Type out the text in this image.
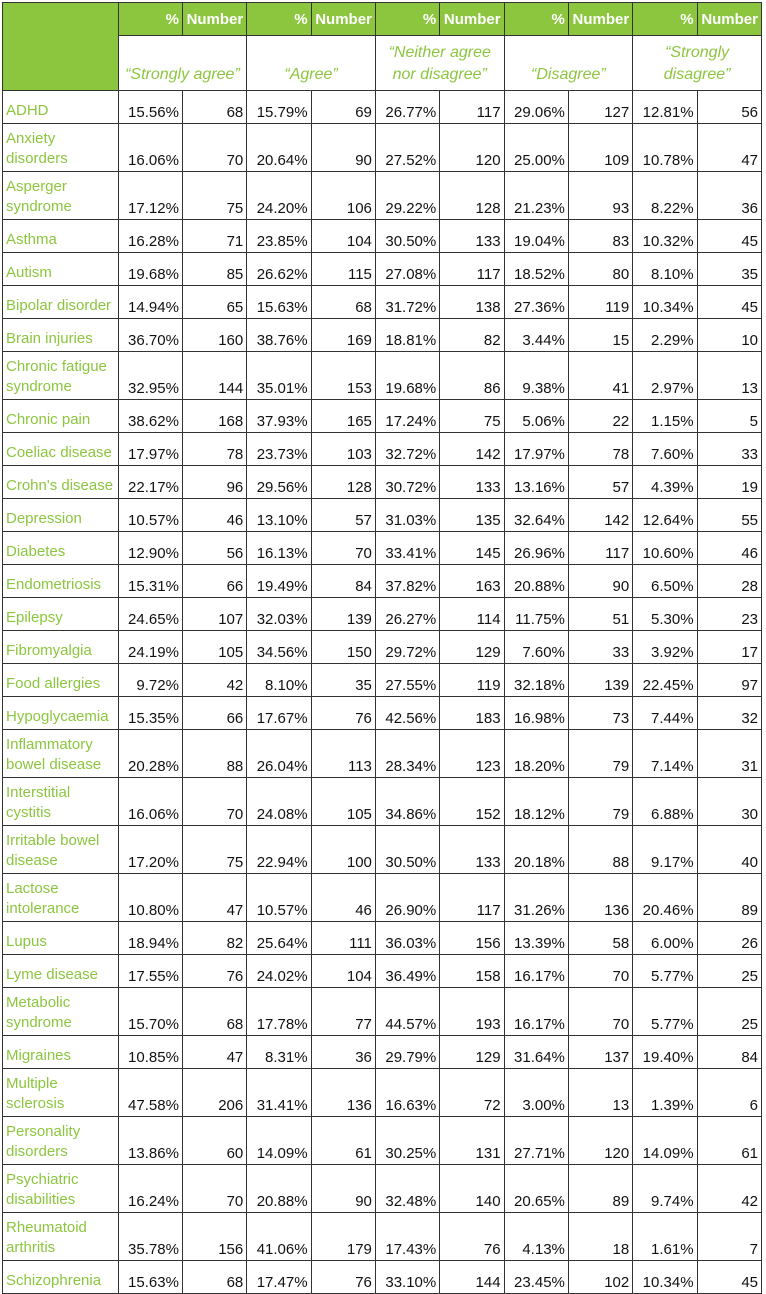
	%	Number	%	Number	%	Number	%	Number	%	Number
	“Strongly agree”		“Agree”		“Neither agree nor disagree”		“Disagree”		“Strongly disagree”	
ADHD	15.56%	68	15.79%	69	26.77%	117	29.06%	127	12.81%	56
Anxiety disorders	16.06%	70	20.64%	90	27.52%	120	25.00%	109	10.78%	47
Asperger syndrome	17.12%	75	24.20%	106	29.22%	128	21.23%	93	8.22%	36
Asthma	16.28%	71	23.85%	104	30.50%	133	19.04%	83	10.32%	45
Autism	19.68%	85	26.62%	115	27.08%	117	18.52%	80	8.10%	35
Bipolar disorder	14.94%	65	15.63%	68	31.72%	138	27.36%	119	10.34%	45
Brain injuries	36.70%	160	38.76%	169	18.81%	82	3.44%	15	2.29%	10
Chronic fatigue syndrome	32.95%	144	35.01%	153	19.68%	86	9.38%	41	2.97%	13
Chronic pain	38.62%	168	37.93%	165	17.24%	75	5.06%	22	1.15%	5
Coeliac disease	17.97%	78	23.73%	103	32.72%	142	17.97%	78	7.60%	33
Crohn's disease	22.17%	96	29.56%	128	30.72%	133	13.16%	57	4.39%	19
Depression	10.57%	46	13.10%	57	31.03%	135	32.64%	142	12.64%	55
Diabetes	12.90%	56	16.13%	70	33.41%	145	26.96%	117	10.60%	46
Endometriosis	15.31%	66	19.49%	84	37.82%	163	20.88%	90	6.50%	28
Epilepsy	24.65%	107	32.03%	139	26.27%	114	11.75%	51	5.30%	23
Fibromyalgia	24.19%	105	34.56%	150	29.72%	129	7.60%	33	3.92%	17
Food allergies	9.72%	42	8.10%	35	27.55%	119	32.18%	139	22.45%	97
Hypoglycaemia	15.35%	66	17.67%	76	42.56%	183	16.98%	73	7.44%	32
Inflammatory bowel disease	20.28%	88	26.04%	113	28.34%	123	18.20%	79	7.14%	31
Interstitial cystitis	16.06%	70	24.08%	105	34.86%	152	18.12%	79	6.88%	30
Irritable bowel disease	17.20%	75	22.94%	100	30.50%	133	20.18%	88	9.17%	40
Lactose intolerance	10.80%	47	10.57%	46	26.90%	117	31.26%	136	20.46%	89
Lupus	18.94%	82	25.64%	111	36.03%	156	13.39%	58	6.00%	26
Lyme disease	17.55%	76	24.02%	104	36.49%	158	16.17%	70	5.77%	25
Metabolic syndrome	15.70%	68	17.78%	77	44.57%	193	16.17%	70	5.77%	25
Migraines	10.85%	47	8.31%	36	29.79%	129	31.64%	137	19.40%	84
Multiple sclerosis	47.58%	206	31.41%	136	16.63%	72	3.00%	13	1.39%	6
Personality disorders	13.86%	60	14.09%	61	30.25%	131	27.71%	120	14.09%	61
Psychiatric disabilities	16.24%	70	20.88%	90	32.48%	140	20.65%	89	9.74%	42
Rheumatoid arthritis	35.78%	156	41.06%	179	17.43%	76	4.13%	18	1.61%	7
Schizophrenia	15.63%	68	17.47%	76	33.10%	144	23.45%	102	10.34%	45
